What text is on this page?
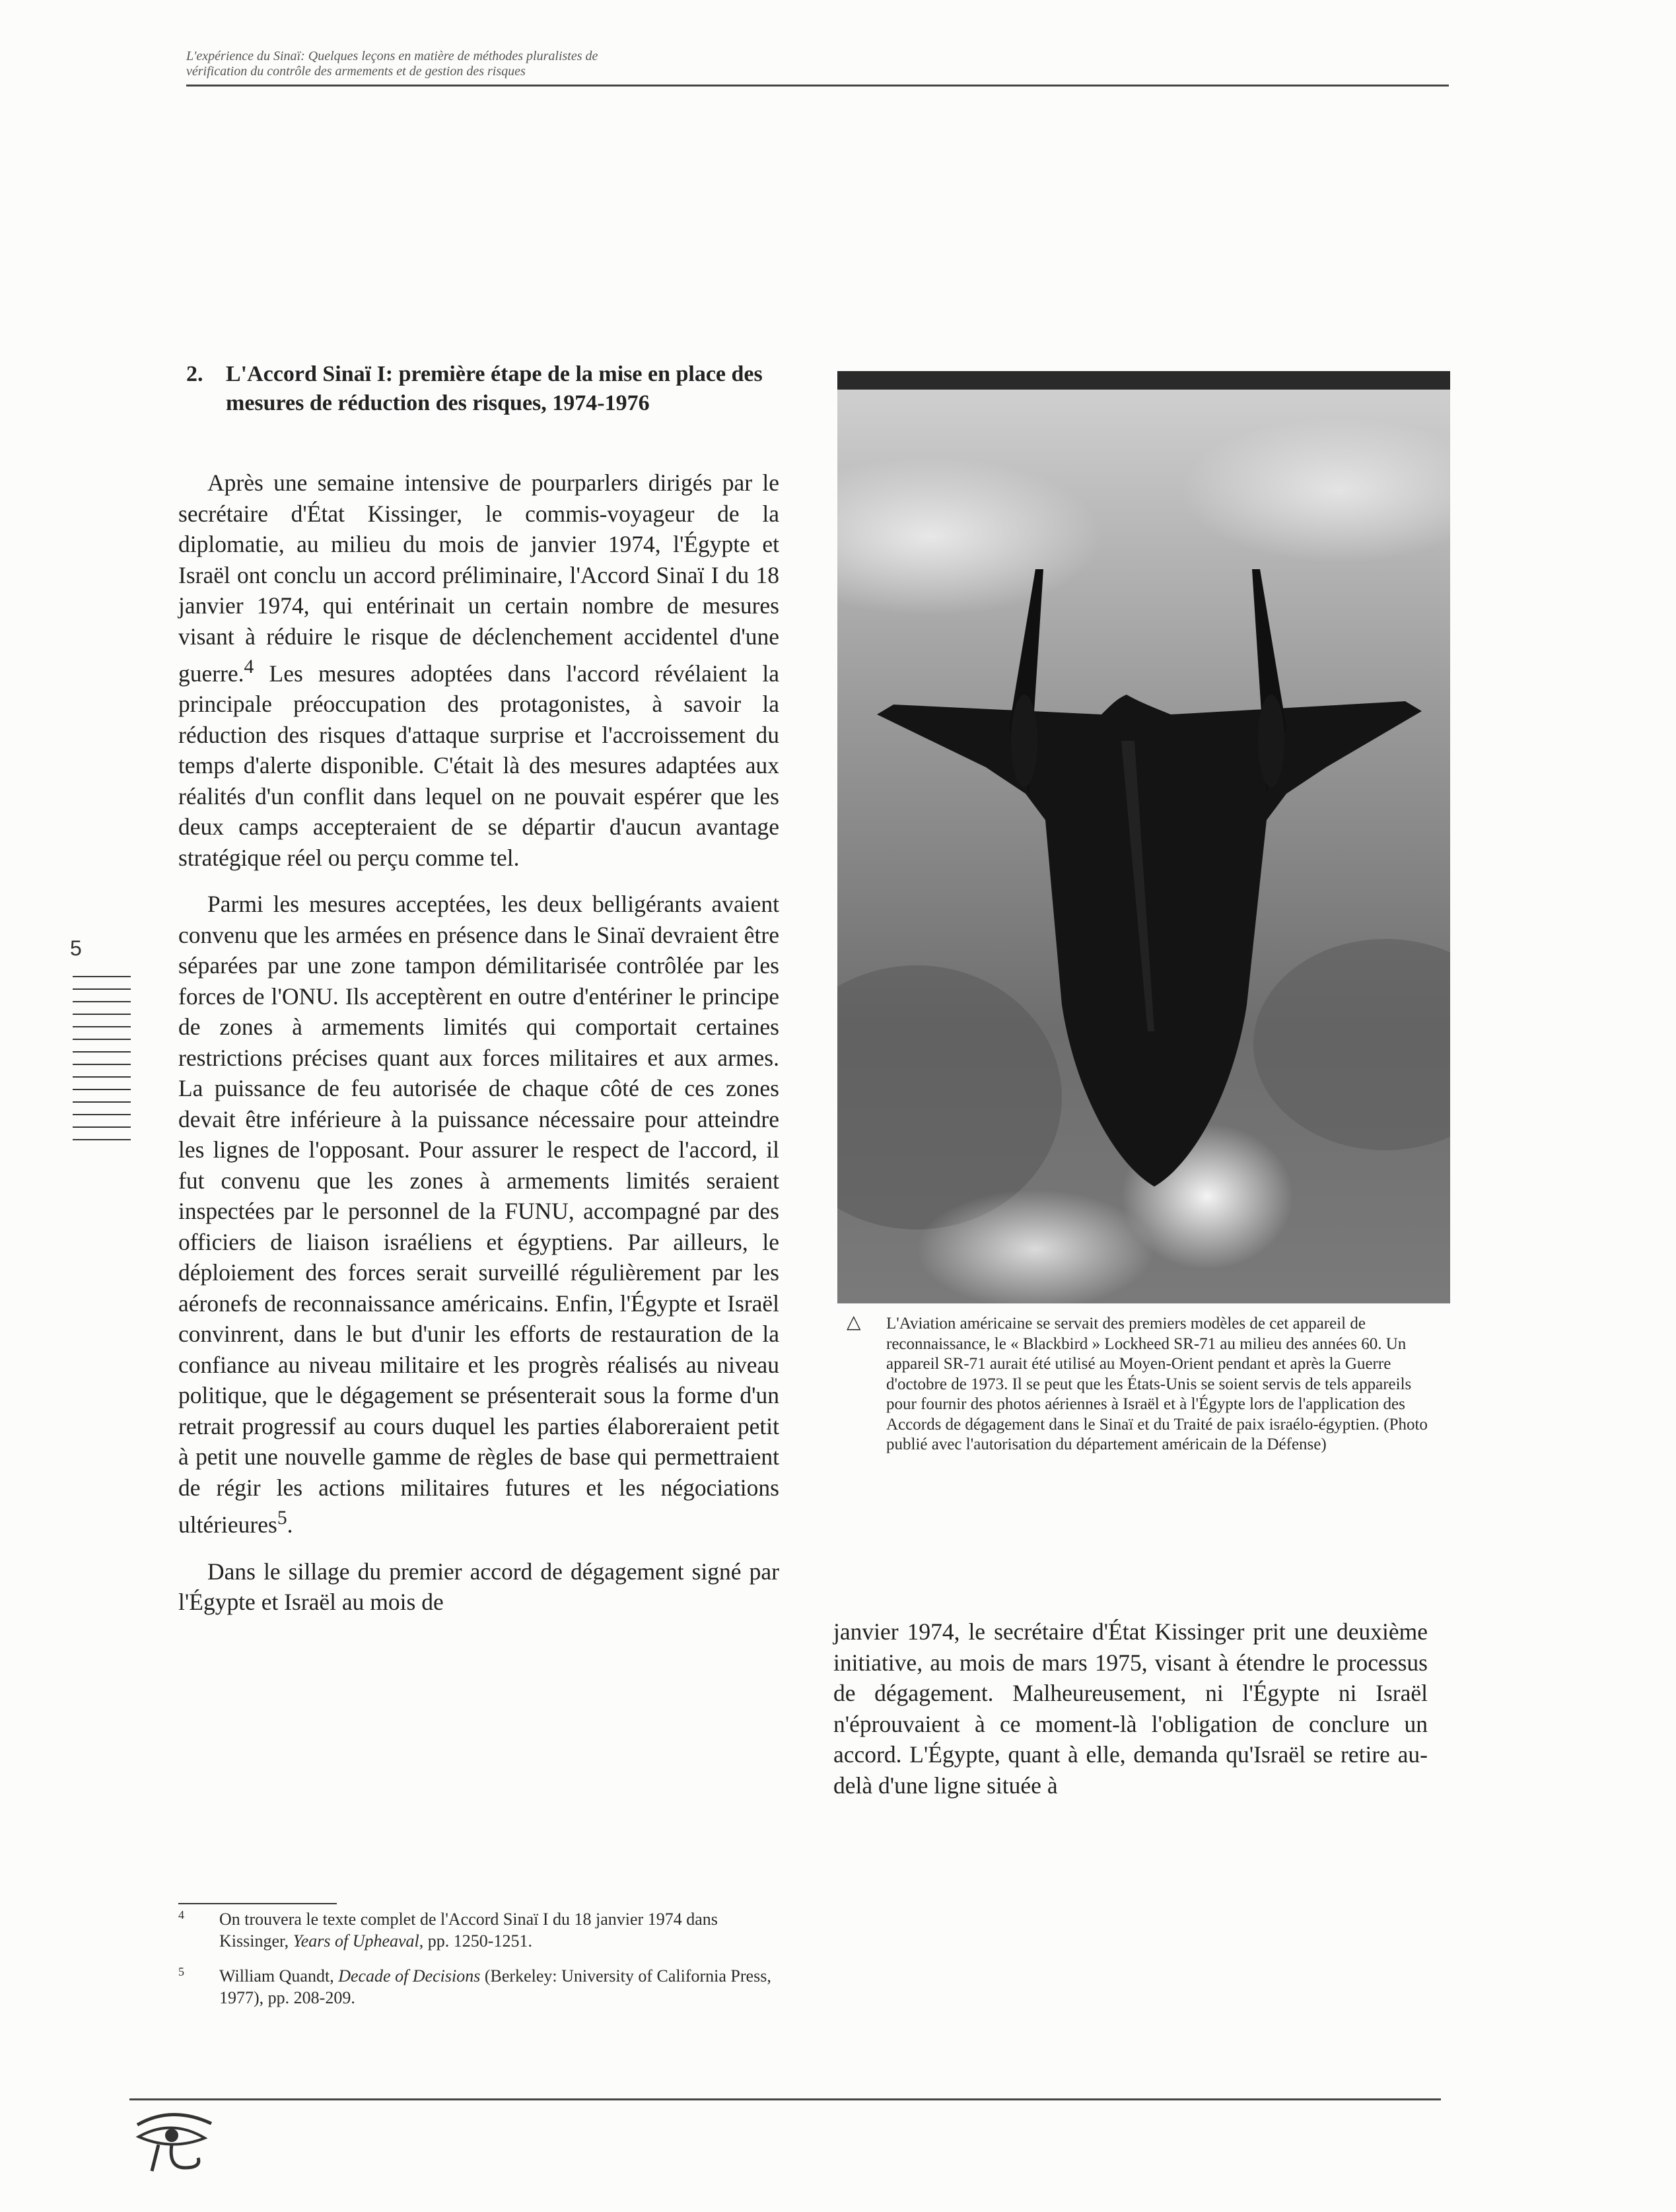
L'expérience du Sinaï: Quelques leçons en matière de méthodes pluralistes de
vérification du contrôle des armements et de gestion des risques
2. L'Accord Sinaï I: première étape de la mise en place des mesures de réduction des risques, 1974-1976

Après une semaine intensive de pourparlers dirigés par le secrétaire d'État Kissinger, le commis-voyageur de la diplomatie, au milieu du mois de janvier 1974, l'Égypte et Israël ont conclu un accord préliminaire, l'Accord Sinaï I du 18 janvier 1974, qui entérinait un certain nombre de mesures visant à réduire le risque de déclenchement accidentel d'une guerre.$^4$ Les mesures adoptées dans l'accord révélaient la principale préoccupation des protagonistes, à savoir la réduction des risques d'attaque surprise et l'accroissement du temps d'alerte disponible. C'était là des mesures adaptées aux réalités d'un conflit dans lequel on ne pouvait espérer que les deux camps accepteraient de se départir d'aucun avantage stratégique réel ou perçu comme tel.

Parmi les mesures acceptées, les deux belligérants avaient convenu que les armées en présence dans le Sinaï devraient être séparées par une zone tampon démilitarisée contrôlée par les forces de l'ONU. Ils acceptèrent en outre d'entériner le principe de zones à armements limités qui comportait certaines restrictions précises quant aux forces militaires et aux armes. La puissance de feu autorisée de chaque côté de ces zones devait être inférieure à la puissance nécessaire pour atteindre les lignes de l'opposant. Pour assurer le respect de l'accord, il fut convenu que les zones à armements limités seraient inspectées par le personnel de la FUNU, accompagné par des officiers de liaison israéliens et égyptiens. Par ailleurs, le déploiement des forces serait surveillé régulièrement par les aéronefs de reconnaissance américains. Enfin, l'Égypte et Israël convinrent, dans le but d'unir les efforts de restauration de la confiance au niveau militaire et les progrès réalisés au niveau politique, que le dégagement se présenterait sous la forme d'un retrait progressif au cours duquel les parties élaboreraient petit à petit une nouvelle gamme de règles de base qui permettraient de régir les actions militaires futures et les négociations ultérieures$^5$.

Dans le sillage du premier accord de dégagement signé par l'Égypte et Israël au mois de

5
△ L'Aviation américaine se servait des premiers modèles de cet appareil de reconnaissance, le « Blackbird » Lockheed SR-71 au milieu des années 60. Un appareil SR-71 aurait été utilisé au Moyen-Orient pendant et après la Guerre d'octobre de 1973. Il se peut que les États-Unis se soient servis de tels appareils pour fournir des photos aériennes à Israël et à l'Égypte lors de l'application des Accords de dégagement dans le Sinaï et du Traité de paix israélo-égyptien. (Photo publié avec l'autorisation du département américain de la Défense)

janvier 1974, le secrétaire d'État Kissinger prit une deuxième initiative, au mois de mars 1975, visant à étendre le processus de dégagement. Malheureusement, ni l'Égypte ni Israël n'éprouvaient à ce moment-là l'obligation de conclure un accord. L'Égypte, quant à elle, demanda qu'Israël se retire au-delà d'une ligne située à

4 On trouvera le texte complet de l'Accord Sinaï I du 18 janvier 1974 dans Kissinger, Years of Upheaval, pp. 1250-1251.
5 William Quandt, Decade of Decisions (Berkeley: University of California Press, 1977), pp. 208-209.
